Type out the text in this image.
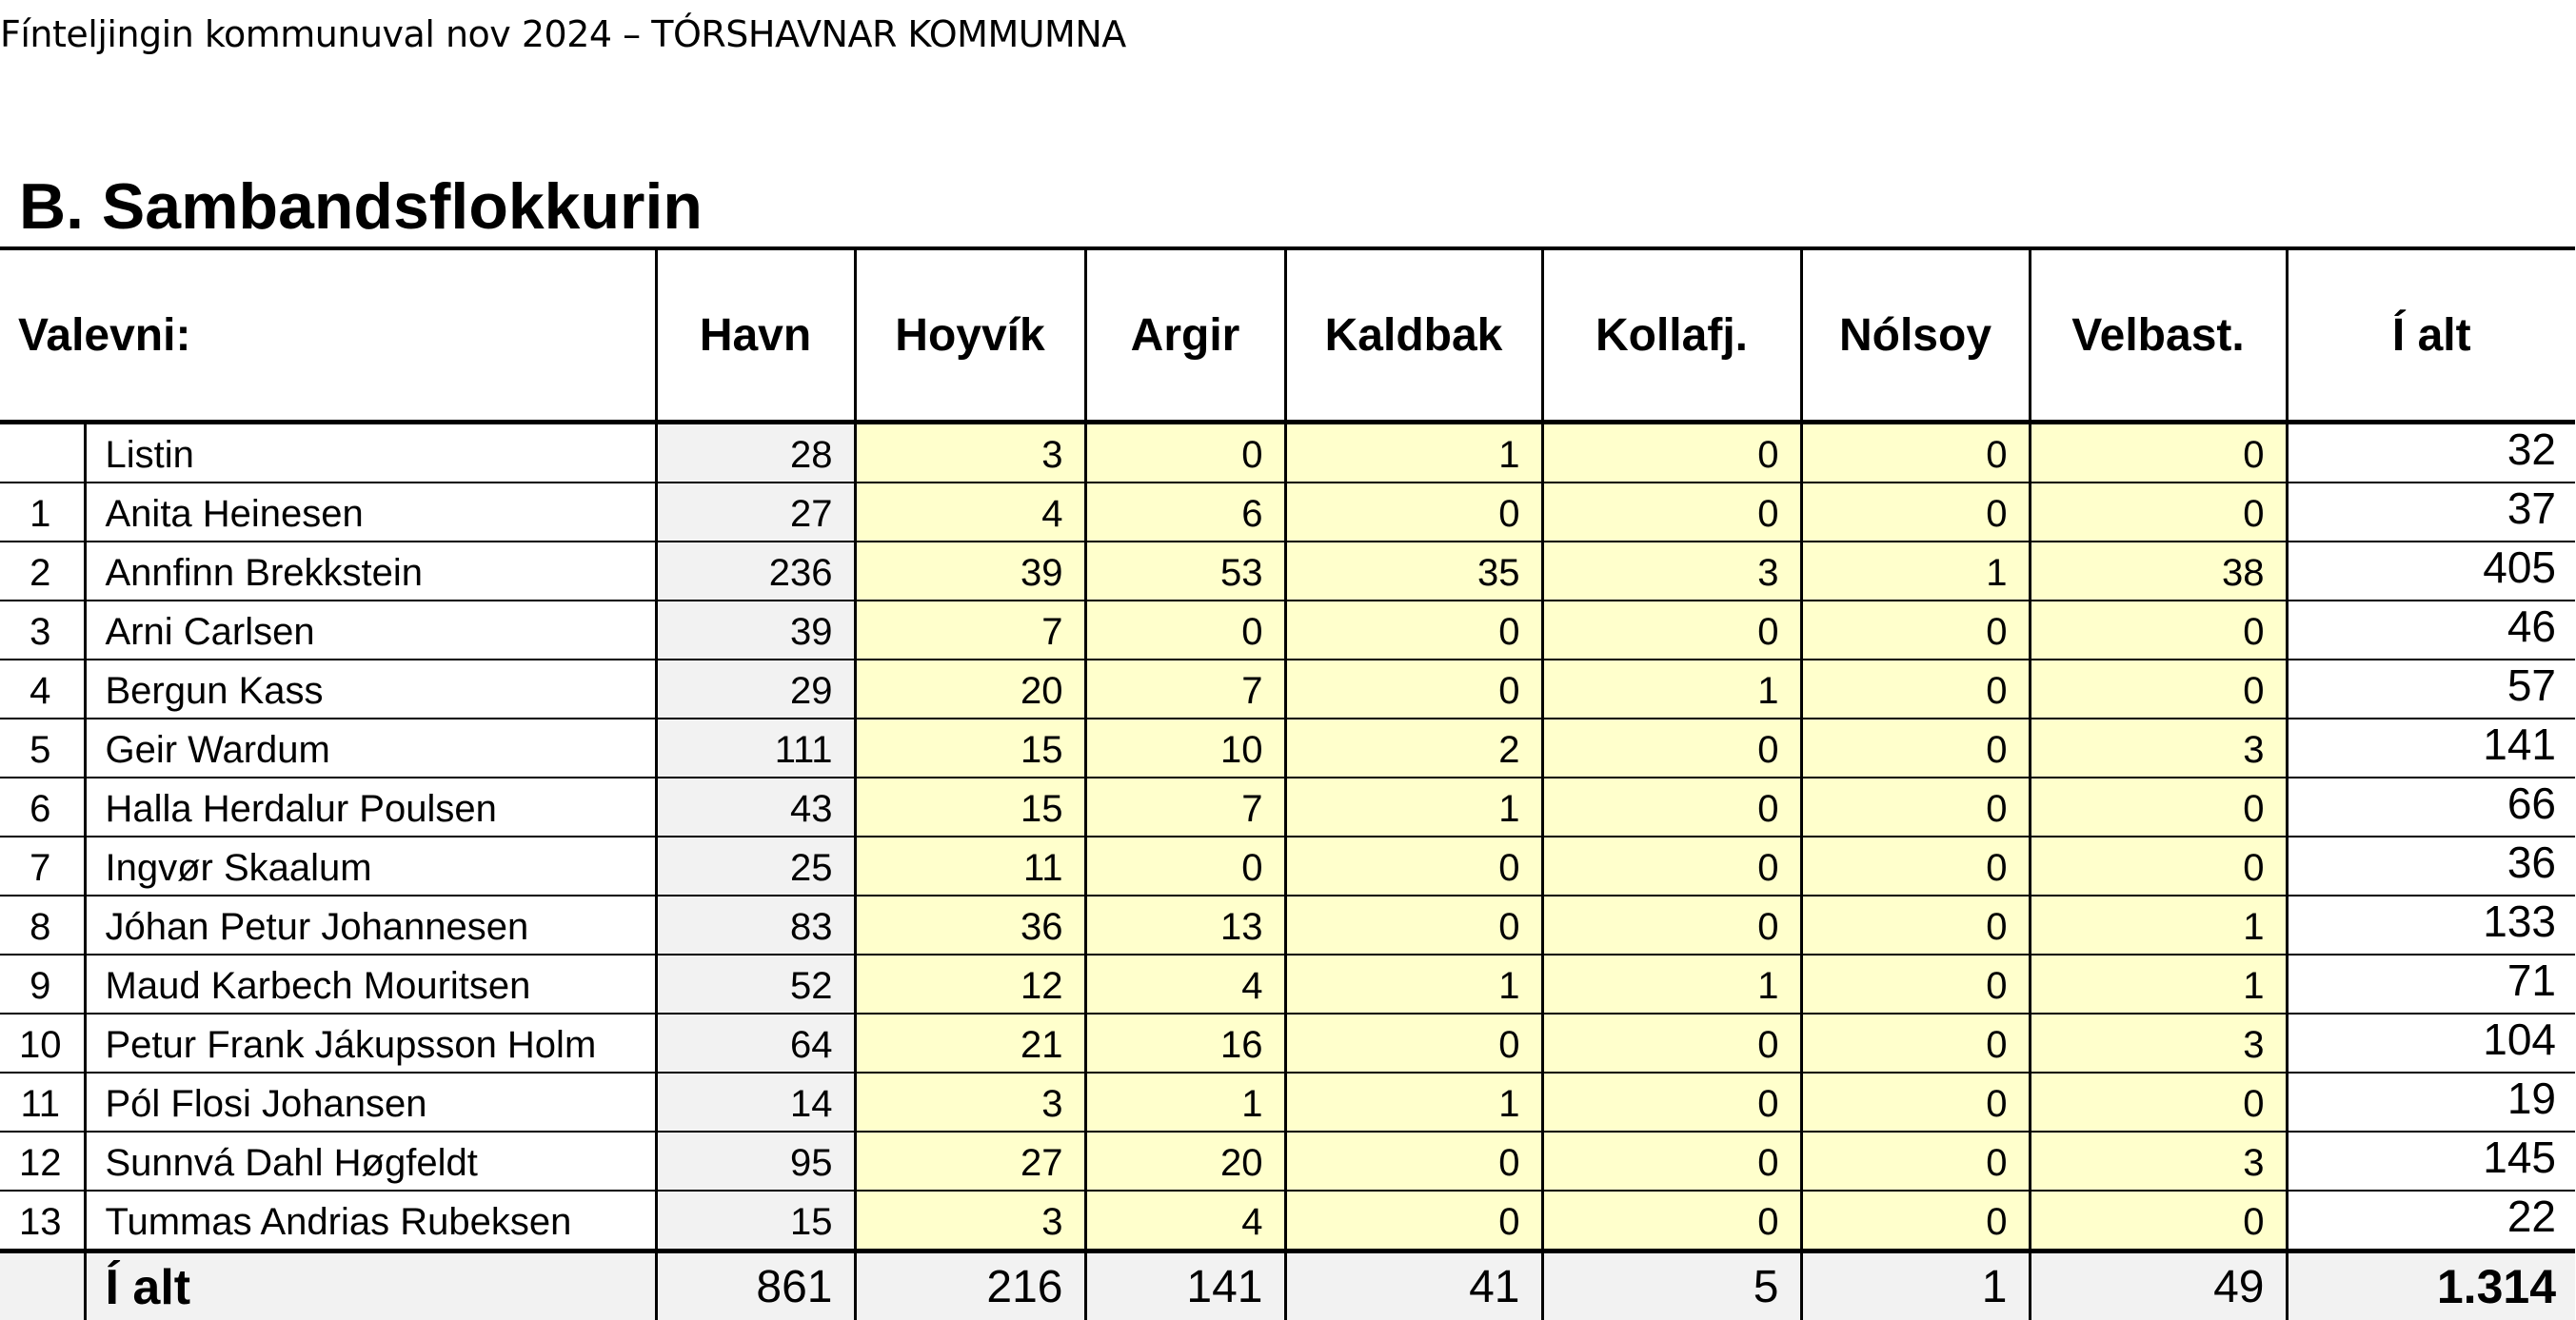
Fínteljingin kommunuval nov 2024 – TÓRSHAVNAR KOMMUMNA
B. Sambandsflokkurin
Valevni:		Havn	Hoyvík	Argir	Kaldbak	Kollafj.	Nólsoy	Velbast.	Í alt
	Listin	28	3	0	1	0	0	0	32
1	Anita Heinesen	27	4	6	0	0	0	0	37
2	Annfinn Brekkstein	236	39	53	35	3	1	38	405
3	Arni Carlsen	39	7	0	0	0	0	0	46
4	Bergun Kass	29	20	7	0	1	0	0	57
5	Geir Wardum	111	15	10	2	0	0	3	141
6	Halla Herdalur Poulsen	43	15	7	1	0	0	0	66
7	Ingvør Skaalum	25	11	0	0	0	0	0	36
8	Jóhan Petur Johannesen	83	36	13	0	0	0	1	133
9	Maud Karbech Mouritsen	52	12	4	1	1	0	1	71
10	Petur Frank Jákupsson Holm	64	21	16	0	0	0	3	104
11	Pól Flosi Johansen	14	3	1	1	0	0	0	19
12	Sunnvá Dahl Høgfeldt	95	27	20	0	0	0	3	145
13	Tummas Andrias Rubeksen	15	3	4	0	0	0	0	22
	Í alt	861	216	141	41	5	1	49	1.314
